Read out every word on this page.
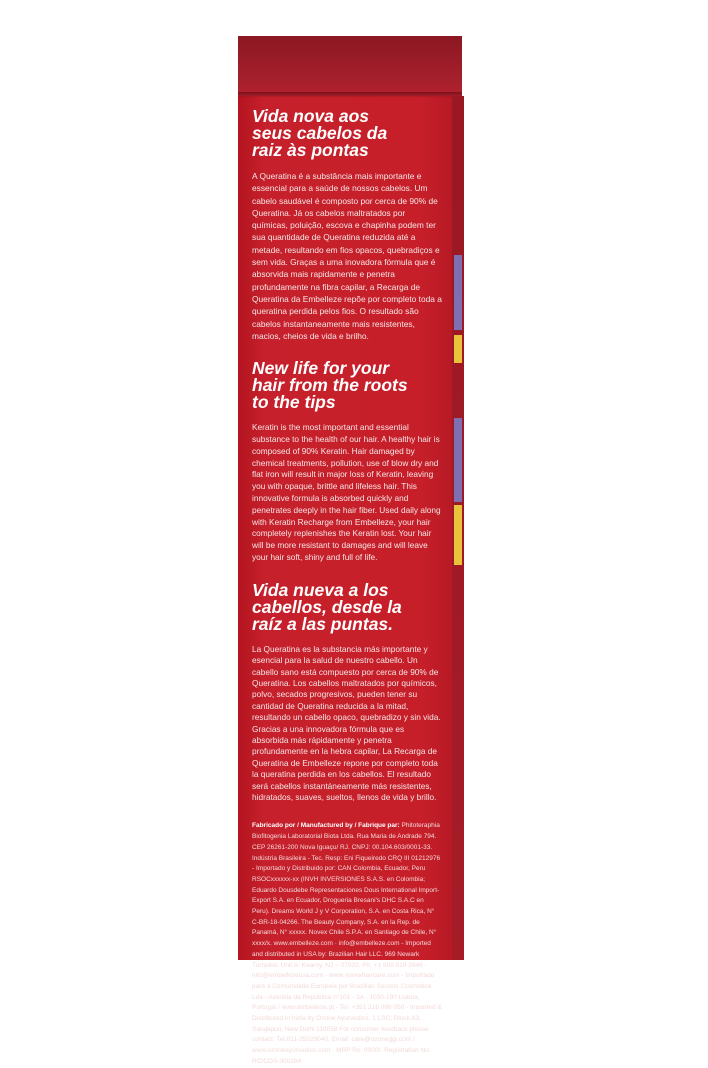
Vida nova aos
seus cabelos da
raiz às pontas

A Queratina é a substância mais importante e essencial para a saúde de nossos cabelos. Um cabelo saudável é composto por cerca de 90% de Queratina. Já os cabelos maltratados por químicas, poluição, escova e chapinha podem ter sua quantidade de Queratina reduzida até a metade, resultando em fios opacos, quebradiços e sem vida. Graças a uma inovadora fórmula que é absorvida mais rapidamente e penetra profundamente na fibra capilar, a Recarga de Queratina da Embelleze repõe por completo toda a queratina perdida pelos fios. O resultado são cabelos instantaneamente mais resistentes, macios, cheios de vida e brilho.

New life for your
hair from the roots
to the tips

Keratin is the most important and essential substance to the health of our hair. A healthy hair is composed of 90% Keratin. Hair damaged by chemical treatments, pollution, use of blow dry and flat iron will result in major loss of Keratin, leaving you with opaque, brittle and lifeless hair. This innovative formula is absorbed quickly and penetrates deeply in the hair fiber. Used daily along with Keratin Recharge from Embelleze, your hair completely replenishes the Keratin lost. Your hair will be more resistant to damages and will leave your hair soft, shiny and full of life.

Vida nueva a los
cabellos, desde la
raíz a las puntas.

La Queratina es la substancia más importante y esencial para la salud de nuestro cabello. Un cabello sano está compuesto por cerca de 90% de Queratina. Los cabellos maltratados por químicos, polvo, secados progresivos, pueden tener su cantidad de Queratina reducida a la mitad, resultando un cabello opaco, quebradizo y sin vida. Gracias a una innovadora fórmula que es absorbida más rápidamente y penetra profundamente en la hebra capilar, La Recarga de Queratina de Embelleze repone por completo toda la queratina perdida en los cabellos. El resultado será cabellos instantáneamente más resistentes, hidratados, suaves, sueltos, llenos de vida y brillo.

Fabricado por / Manufactured by / Fabrique par: Phitoteraphia Biofitogenia Laboratorial Biota Ltda. Rua Maria de Andrade 794. CEP 26261-200 Nova Iguaçu/ RJ. CNPJ: 00.104.603/0001-33. Indústria Brasileira - Tec. Resp: Eni Fiqueiredo CRQ III 01212976 - Importado y Distribuido por: CAN Colombia, Ecuador, Peru RSOCxxxxxx-xx (INVH INVERSIONES S.A.S. en Colombia; Eduardo Dousdebe Representaciones Dous International Import-Export S.A. en Ecuador, Drogueria Bresani's DHC S.A.C en Peru). Dreams World J y V Corporation, S.A. en Costa Rica, N° C-BR-18-04266. The Beauty Company, S.A. en la Rep. de Panamá, N° xxxxx. Novex Chile S.P.A. en Santiago de Chile, N° xxxx/x. www.embelleze.com · info@embelleze.com - Imported and distributed in USA by: Brazilian Hair LLC. 969 Newark Turnpike, Unit A. Kearny, NJ – 07032. Ph: +1 800 519 2946 - info@embellezeusa.com - www.novexhaircare.com - Importado para a Comunidade Europeia por Brazilian Secrets Cosmetica Lda - Avenida da República n°101 - 3A - 1050-190 Lisboa, Portugal / www.embelleze.pt - Tel: +351 216 096 050 - Imported & Distributed in India by Ozone Ayurvedics, 1 LSC, Block A3, Sarajkpuri, New Delhi 110058 For consumer feedback please contact: Tel.011-25529040, Email: care@ozoneggi.com / www.ozoneayurvedics.com - MRP Rs. 0000/- Registration No: RC/COS-000284
